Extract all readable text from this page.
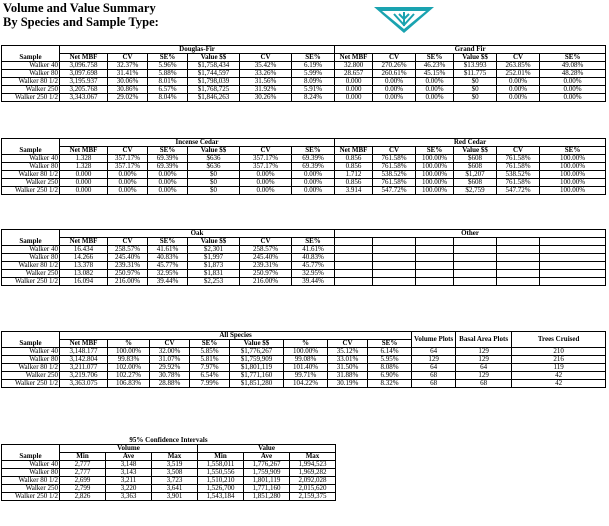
Volume and Value Summary
By Species and Sample Type:
	Douglas-Fir						Grand Fir					
Sample	Net MBF	CV	SE%	Value $$	CV	SE%	Net MBF	CV	SE%	Value $$	CV	SE%
Walker 40	3,096.758	32.37%	5.96%	$1,758,434	35.42%	6.19%	32.800	270.26%	46.23%	$13.993	263.85%	49.08%
Walker 80	3,097.698	31.41%	5.88%	$1,744,597	33.26%	5.99%	28.657	260.61%	45.15%	$11.775	252.01%	48.28%
Walker 80 1/2	3,195.937	30.06%	8.01%	$1,798,039	31.56%	8.09%	0.000	0.00%	0.00%	$0	0.00%	0.00%
Walker 250	3,205.768	30.86%	6.57%	$1,768,725	31.92%	5.91%	0.000	0.00%	0.00%	$0	0.00%	0.00%
Walker 250 1/2	3,343.067	29.02%	8.04%	$1,846,263	30.26%	8.24%	0.000	0.00%	0.00%	$0	0.00%	0.00%
	Incense Cedar						Red Cedar					
Sample	Net MBF	CV	SE%	Value $$	CV	SE%	Net MBF	CV	SE%	Value $$	CV	SE%
Walker 40	1.328	357.17%	69.39%	$636	357.17%	69.39%	0.856	761.58%	100.00%	$608	761.58%	100.00%
Walker 80	1.328	357.17%	69.39%	$636	357.17%	69.39%	0.856	761.58%	100.00%	$608	761.58%	100.00%
Walker 80 1/2	0.000	0.00%	0.00%	$0	0.00%	0.00%	1.712	538.52%	100.00%	$1,207	538.52%	100.00%
Walker 250	0.000	0.00%	0.00%	$0	0.00%	0.00%	0.856	761.58%	100.00%	$608	761.58%	100.00%
Walker 250 1/2	0.000	0.00%	0.00%	$0	0.00%	0.00%	3.914	547.72%	100.00%	$2,759	547.72%	100.00%
	Oak						Other					
Sample	Net MBF	CV	SE%	Value $$	CV	SE%						
Walker 40	16.434	258.57%	41.61%	$2,301	258.57%	41.61%						
Walker 80	14.266	245.40%	40.83%	$1,997	245.40%	40.83%						
Walker 80 1/2	13.378	239.31%	45.77%	$1,873	239.31%	45.77%						
Walker 250	13.082	250.97%	32.95%	$1,831	250.97%	32.95%						
Walker 250 1/2	16.094	216.00%	39.44%	$2,253	216.00%	39.44%						
	All Species								Volume Plots	Basal Area Plots	Trees Cruised
Sample	Net MBF	%	CV	SE%	Value $$	%	CV	SE%			
Walker 40	3,148.177	100.00%	32.00%	5.85%	$1,776,267	100.00%	35.12%	6.14%	64	129	210
Walker 80	3,142.804	99.83%	31.07%	5.81%	$1,759,909	99.08%	33.01%	5.95%	129	129	216
Walker 80 1/2	3,211.077	102.00%	29.92%	7.97%	$1,801,119	101.40%	31.50%	8.08%	64	64	119
Walker 250	3,219.706	102.27%	30.78%	6.54%	$1,771,160	99.71%	31.88%	6.90%	68	129	42
Walker 250 1/2	3,363.075	106.83%	28.88%	7.99%	$1,851,280	104.22%	30.19%	8.32%	68	68	42
95% Confidence Intervals						
	Volume			Value		
Sample	Min	Ave	Max	Min	Ave	Max
Walker 40	2,777	3,148	3,519	1,558,011	1,776,267	1,994,523
Walker 80	2,777	3,143	3,508	1,550,556	1,759,909	1,969,282
Walker 80 1/2	2,699	3,211	3,723	1,510,210	1,801,119	2,092,028
Walker 250	2,799	3,220	3,641	1,526,700	1,771,160	2,015,620
Walker 250 1/2	2,826	3,363	3,901	1,543,184	1,851,280	2,159,375
